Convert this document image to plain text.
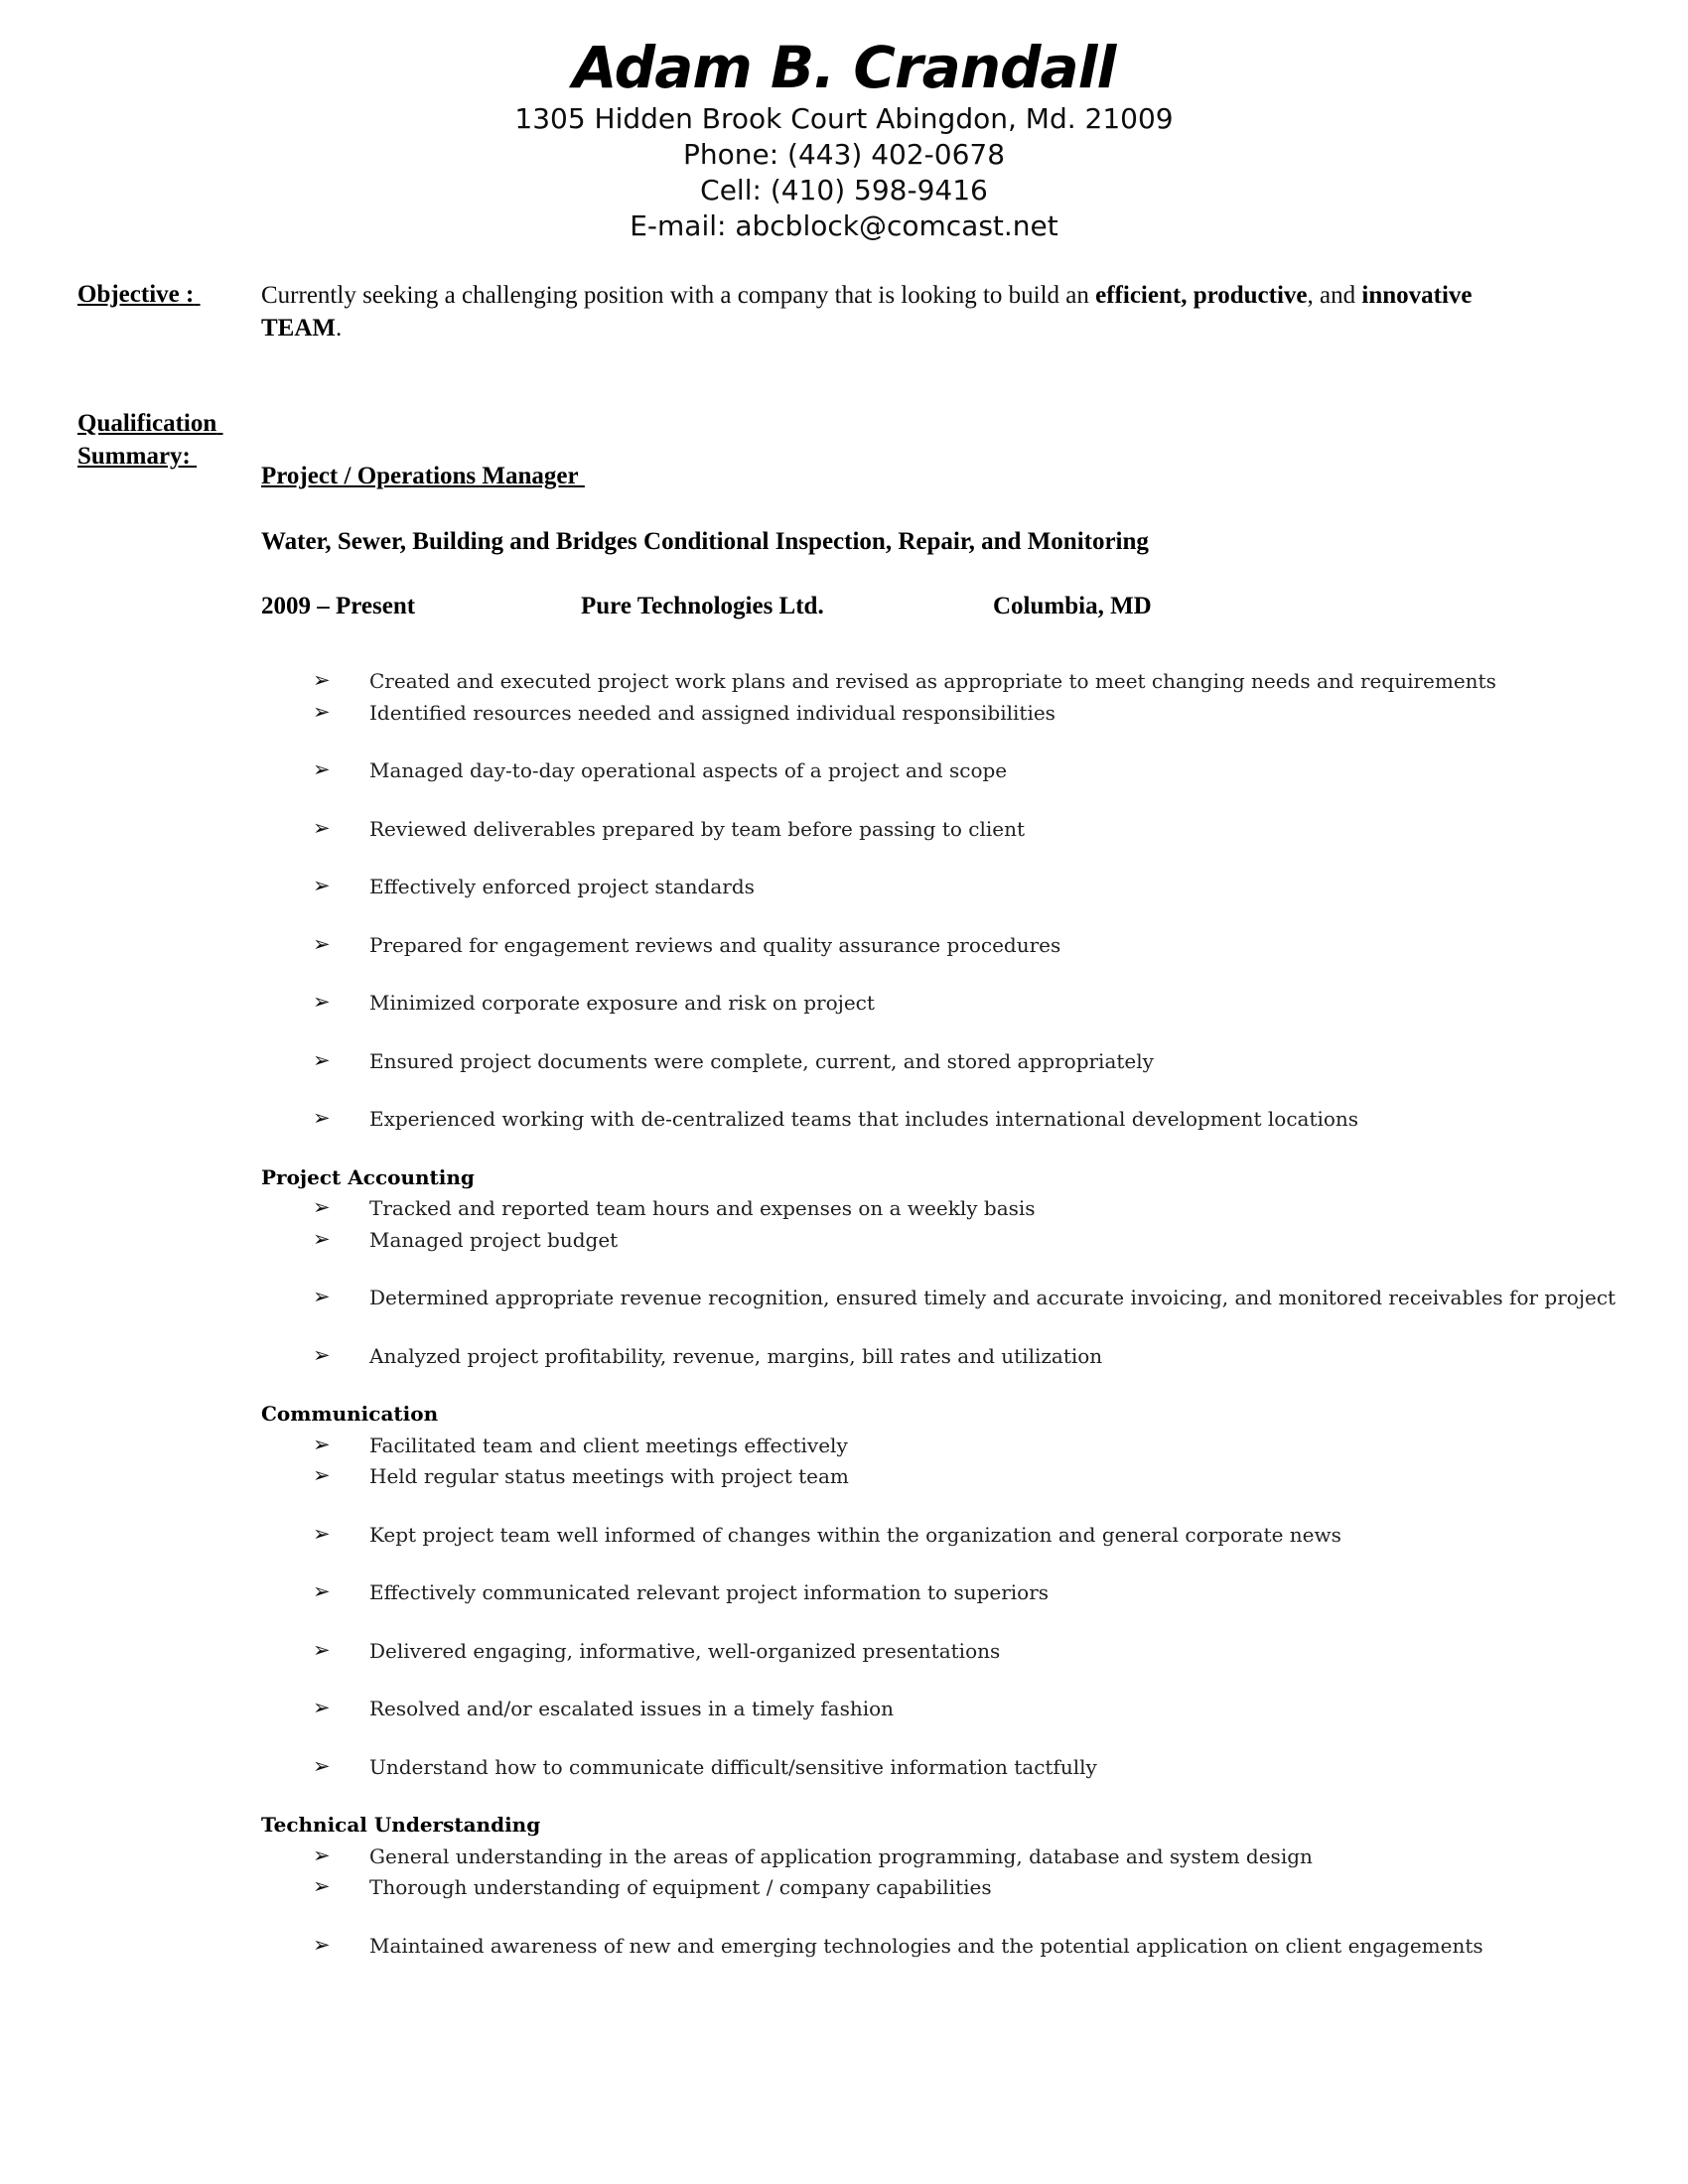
Adam B. Crandall
1305 Hidden Brook Court Abingdon, Md. 21009
Phone: (443) 402-0678
Cell: (410) 598-9416
E-mail: abcblock@comcast.net
Objective :	Currently seeking a challenging position with a company that is looking to build an efficient, productive, and innovative
TEAM.
Qualification
Summary:
Project / Operations Manager
Water, Sewer, Building and Bridges Conditional Inspection, Repair, and Monitoring
2009 – Present	Pure Technologies Ltd.	Columbia, MD
➢ Created and executed project work plans and revised as appropriate to meet changing needs and requirements
➢ Identified resources needed and assigned individual responsibilities
➢ Managed day-to-day operational aspects of a project and scope
➢ Reviewed deliverables prepared by team before passing to client
➢ Effectively enforced project standards
➢ Prepared for engagement reviews and quality assurance procedures
➢ Minimized corporate exposure and risk on project
➢ Ensured project documents were complete, current, and stored appropriately
➢ Experienced working with de-centralized teams that includes international development locations
Project Accounting
➢ Tracked and reported team hours and expenses on a weekly basis
➢ Managed project budget
➢ Determined appropriate revenue recognition, ensured timely and accurate invoicing, and monitored receivables for project
➢ Analyzed project profitability, revenue, margins, bill rates and utilization
Communication
➢ Facilitated team and client meetings effectively
➢ Held regular status meetings with project team
➢ Kept project team well informed of changes within the organization and general corporate news
➢ Effectively communicated relevant project information to superiors
➢ Delivered engaging, informative, well-organized presentations
➢ Resolved and/or escalated issues in a timely fashion
➢ Understand how to communicate difficult/sensitive information tactfully
Technical Understanding
➢ General understanding in the areas of application programming, database and system design
➢ Thorough understanding of equipment / company capabilities
➢ Maintained awareness of new and emerging technologies and the potential application on client engagements
